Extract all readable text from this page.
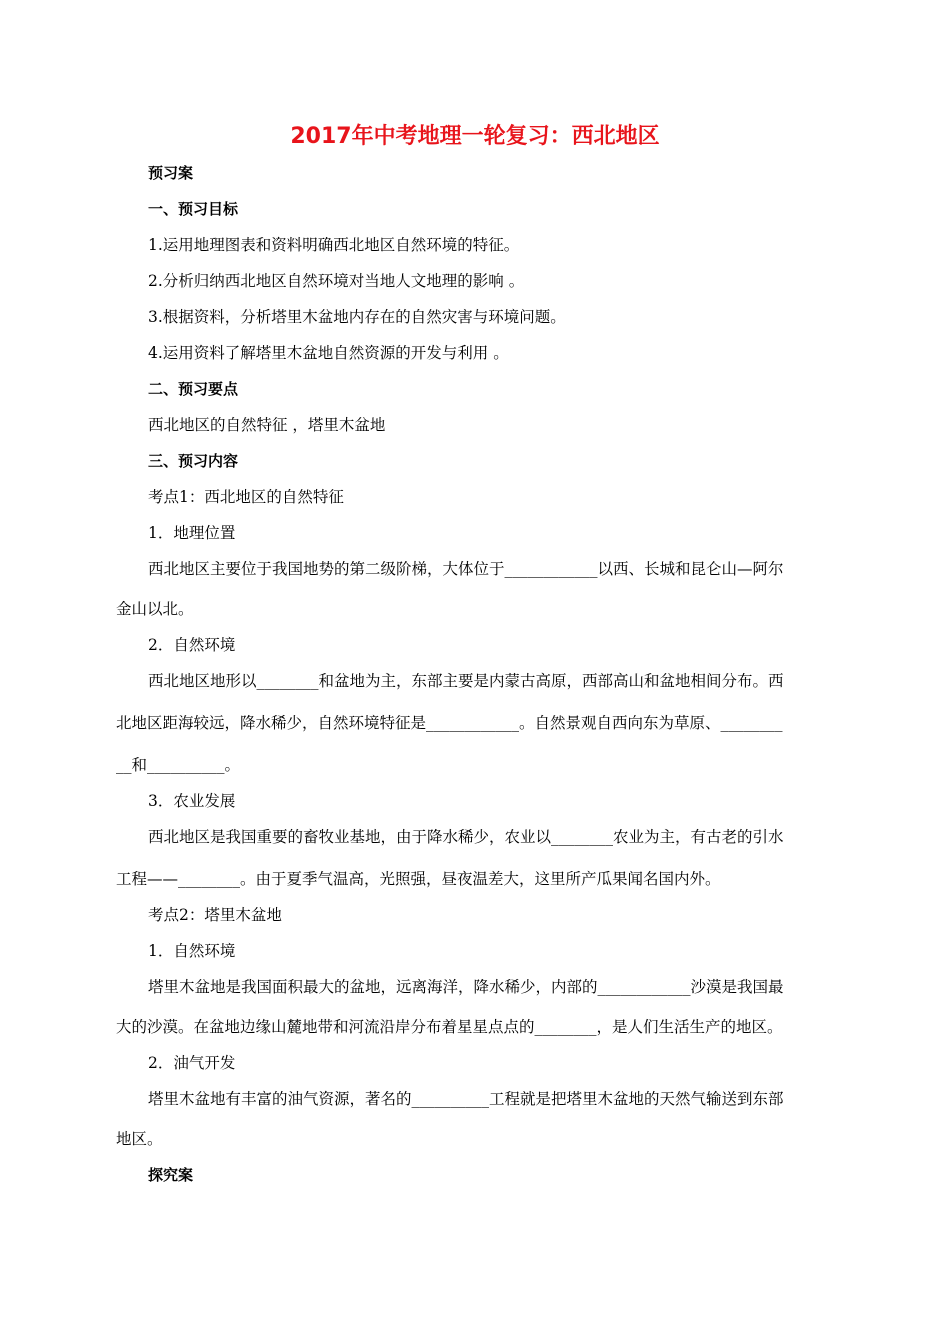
2017年中考地理一轮复习：西北地区
预习案
一、预习目标
1.运用地理图表和资料明确西北地区自然环境的特征。
2.分析归纳西北地区自然环境对当地人文地理的影响 。
3.根据资料，分析塔里木盆地内存在的自然灾害与环境问题。
4.运用资料了解塔里木盆地自然资源的开发与利用 。
二、预习要点
西北地区的自然特征 ，塔里木盆地
三、预习内容
考点1：西北地区的自然特征
1．地理位置
西北地区主要位于我国地势的第二级阶梯，大体位于____________以西、长城和昆仑山—阿尔
金山以北。
2．自然环境
西北地区地形以________和盆地为主，东部主要是内蒙古高原，西部高山和盆地相间分布。西
北地区距海较远，降水稀少，自然环境特征是____________。自然景观自西向东为草原、________
__和__________。
3．农业发展
西北地区是我国重要的畜牧业基地，由于降水稀少，农业以________农业为主，有古老的引水
工程——________。由于夏季气温高，光照强，昼夜温差大，这里所产瓜果闻名国内外。
考点2：塔里木盆地
1．自然环境
塔里木盆地是我国面积最大的盆地，远离海洋，降水稀少，内部的____________沙漠是我国最
大的沙漠。在盆地边缘山麓地带和河流沿岸分布着星星点点的________，是人们生活生产的地区。
2．油气开发
塔里木盆地有丰富的油气资源，著名的__________工程就是把塔里木盆地的天然气输送到东部
地区。
探究案
